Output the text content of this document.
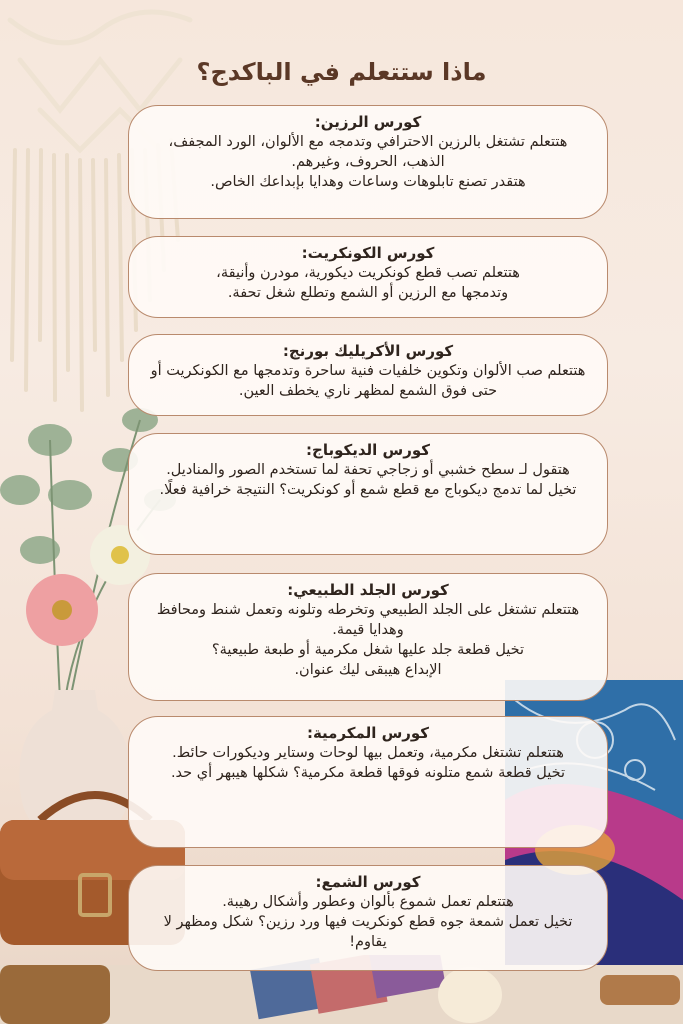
ماذا ستتعلم في الباكدج؟
كورس الرزين:
هتتعلم تشتغل بالرزين الاحترافي وتدمجه مع الألوان، الورد المجفف، الذهب، الحروف، وغيرهم.
هتقدر تصنع تابلوهات وساعات وهدايا بإبداعك الخاص.
كورس الكونكريت:
هتتعلم تصب قطع كونكريت ديكورية، مودرن وأنيقة،
وتدمجها مع الرزين أو الشمع وتطلع شغل تحفة.
كورس الأكريليك بورنج:
هتتعلم صب الألوان وتكوين خلفيات فنية ساحرة وتدمجها مع الكونكريت أو حتى فوق الشمع لمظهر ناري يخطف العين.
كورس الديكوباج:
هتقول لـ سطح خشبي أو زجاجي تحفة لما تستخدم الصور والمناديل.
تخيل لما تدمج ديكوباج مع قطع شمع أو كونكريت؟ النتيجة خرافية فعلًا.
كورس الجلد الطبيعي:
هتتعلم تشتغل على الجلد الطبيعي وتخرطه وتلونه وتعمل شنط ومحافظ وهدايا قيمة.
تخيل قطعة جلد عليها شغل مكرمية أو طبعة طبيعية؟
الإبداع هيبقى ليك عنوان.
كورس المكرمية:
هتتعلم تشتغل مكرمية، وتعمل بيها لوحات وستاير وديكورات حائط.
تخيل قطعة شمع متلونه فوقها قطعة مكرمية؟ شكلها هيبهر أي حد.
كورس الشمع:
هتتعلم تعمل شموع بألوان وعطور وأشكال رهيبة.
تخيل تعمل شمعة جوه قطع كونكريت فيها ورد رزين؟ شكل ومظهر لا يقاوم!
